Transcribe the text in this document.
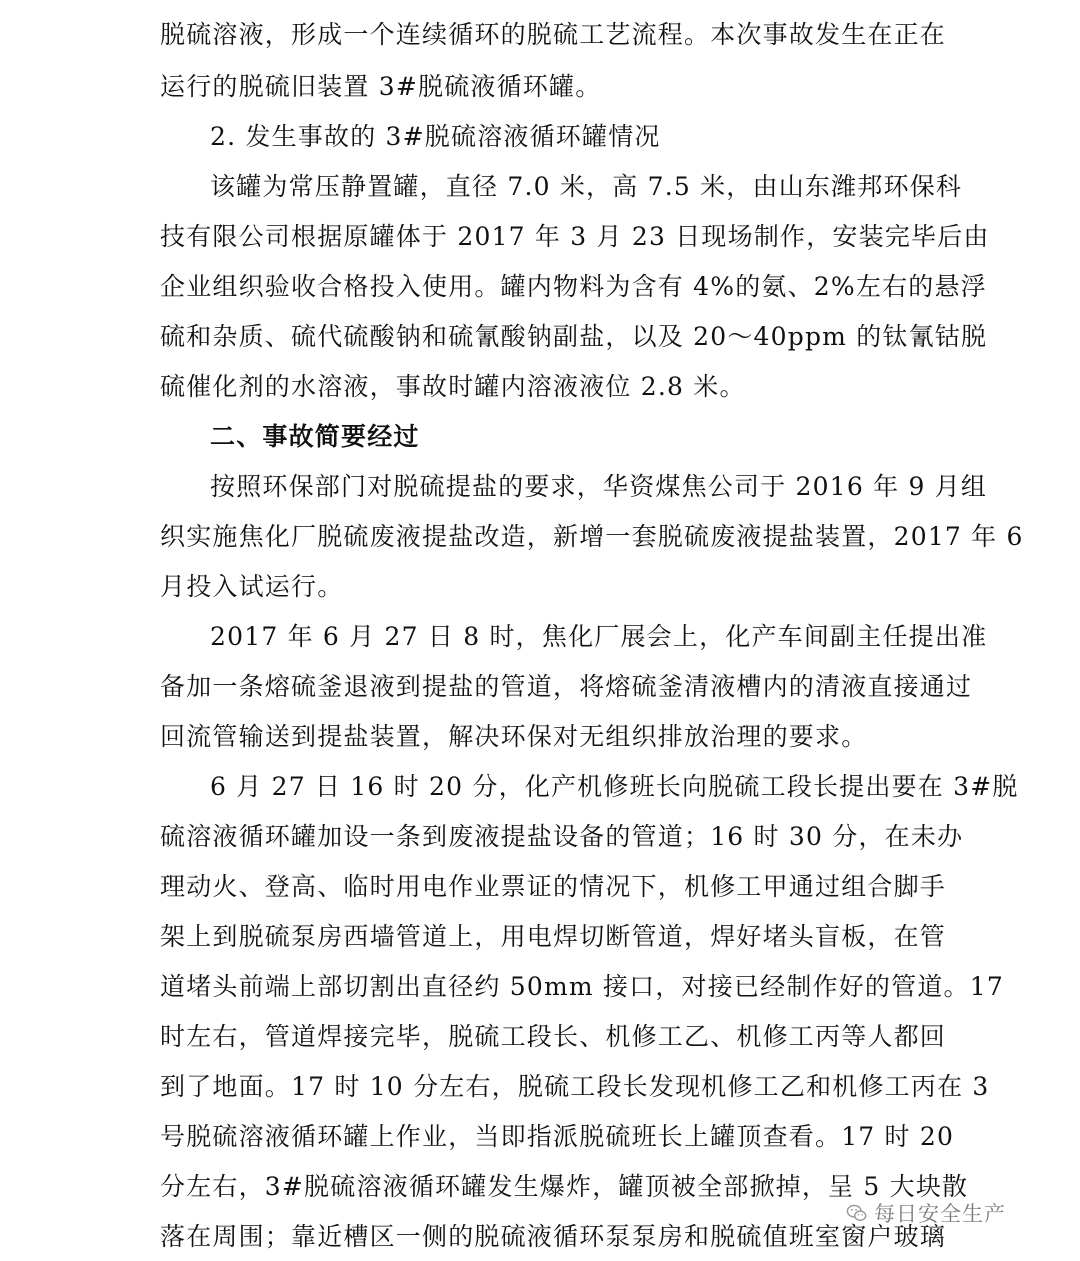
脱硫溶液，形成一个连续循环的脱硫工艺流程。本次事故发生在正在
运行的脱硫旧装置 3#脱硫液循环罐。
2. 发生事故的 3#脱硫溶液循环罐情况
该罐为常压静置罐，直径 7.0 米，高 7.5 米，由山东潍邦环保科
技有限公司根据原罐体于 2017 年 3 月 23 日现场制作，安装完毕后由
企业组织验收合格投入使用。罐内物料为含有 4%的氨、2%左右的悬浮
硫和杂质、硫代硫酸钠和硫氰酸钠副盐，以及 20～40ppm 的钛氰钴脱
硫催化剂的水溶液，事故时罐内溶液液位 2.8 米。
二、事故简要经过
按照环保部门对脱硫提盐的要求，华资煤焦公司于 2016 年 9 月组
织实施焦化厂脱硫废液提盐改造，新增一套脱硫废液提盐装置，2017 年 6
月投入试运行。
2017 年 6 月 27 日 8 时，焦化厂展会上，化产车间副主任提出准
备加一条熔硫釜退液到提盐的管道，将熔硫釜清液槽内的清液直接通过
回流管输送到提盐装置，解决环保对无组织排放治理的要求。
6 月 27 日 16 时 20 分，化产机修班长向脱硫工段长提出要在 3#脱
硫溶液循环罐加设一条到废液提盐设备的管道；16 时 30 分，在未办
理动火、登高、临时用电作业票证的情况下，机修工甲通过组合脚手
架上到脱硫泵房西墙管道上，用电焊切断管道，焊好堵头盲板，在管
道堵头前端上部切割出直径约 50mm 接口，对接已经制作好的管道。17
时左右，管道焊接完毕，脱硫工段长、机修工乙、机修工丙等人都回
到了地面。17 时 10 分左右，脱硫工段长发现机修工乙和机修工丙在 3
号脱硫溶液循环罐上作业，当即指派脱硫班长上罐顶查看。17 时 20
分左右，3#脱硫溶液循环罐发生爆炸，罐顶被全部掀掉，呈 5 大块散
落在周围；靠近槽区一侧的脱硫液循环泵泵房和脱硫值班室窗户玻璃
每日安全生产
